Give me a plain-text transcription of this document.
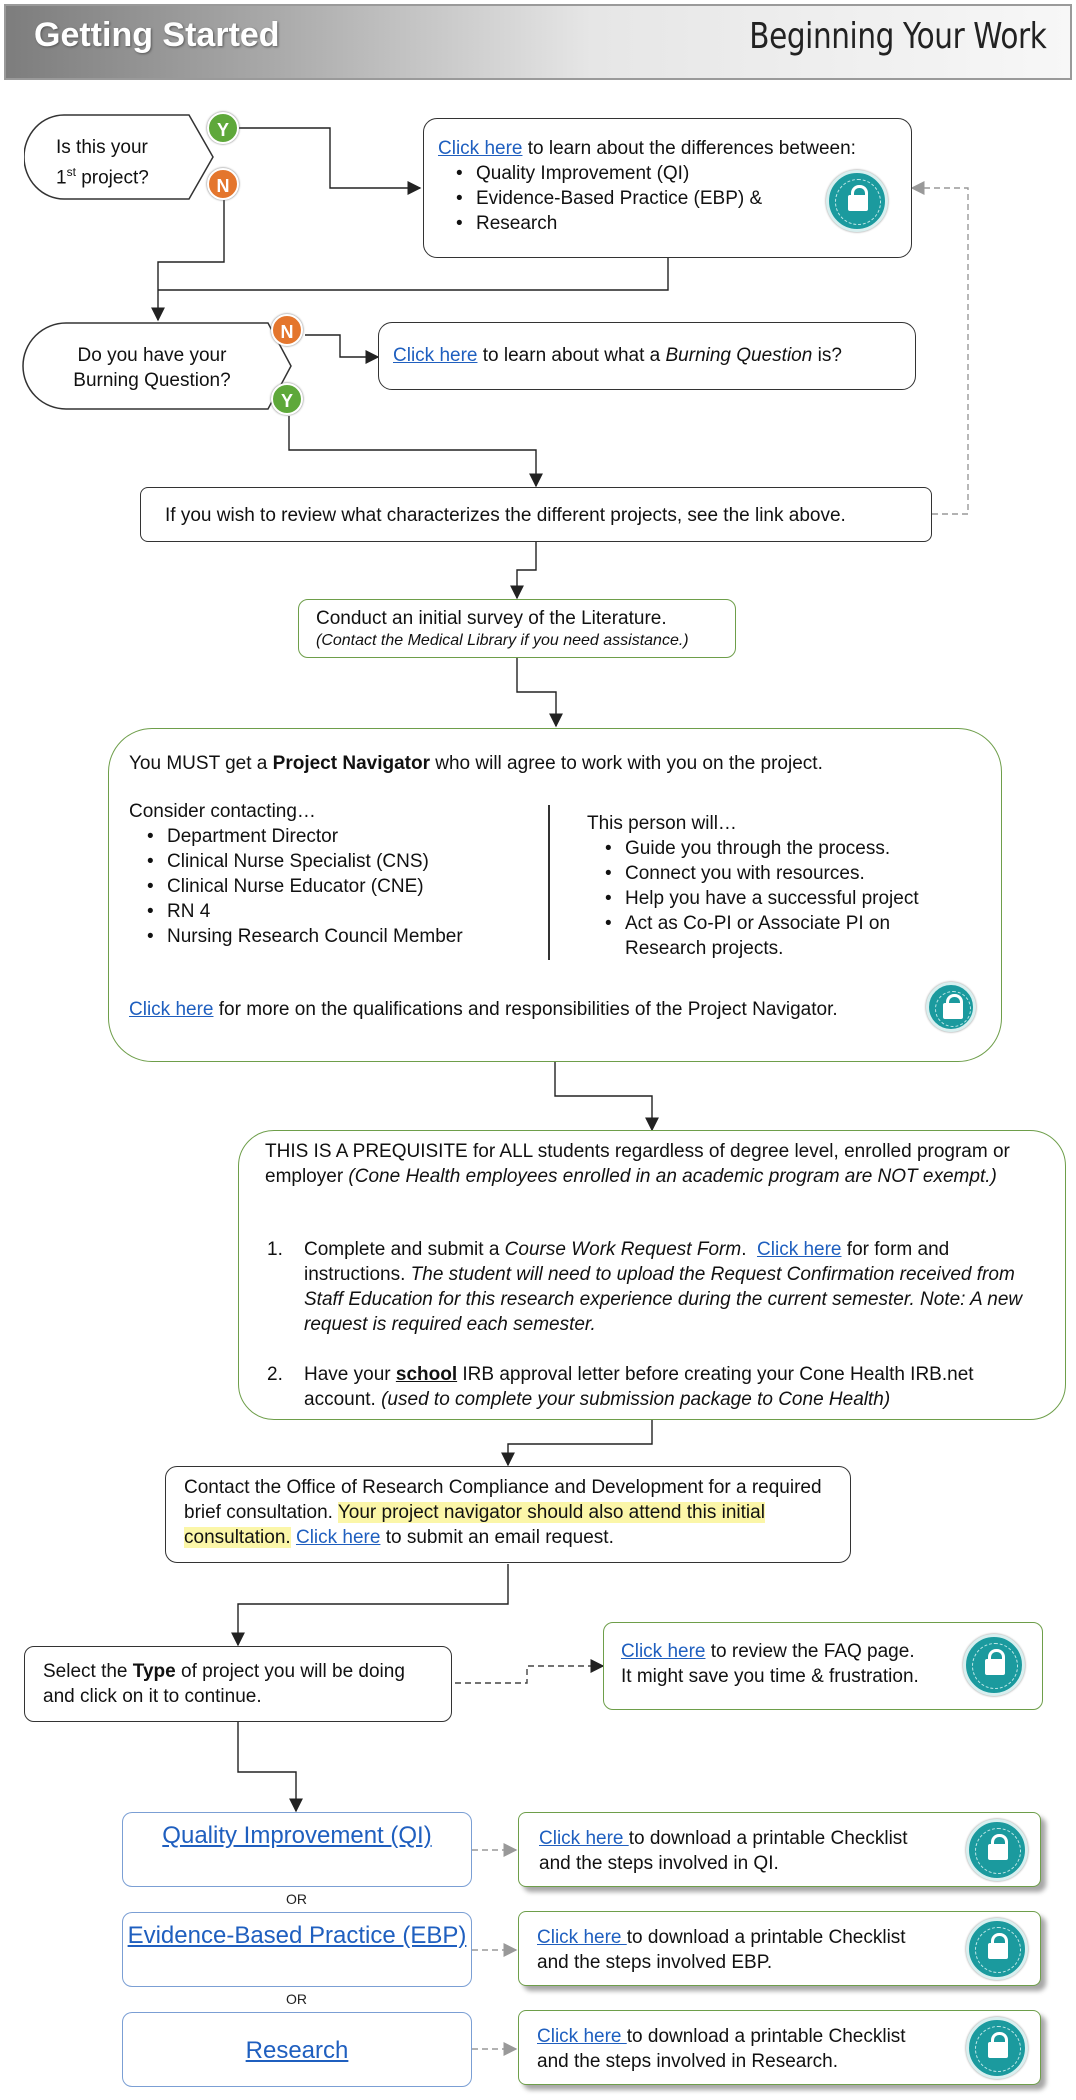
Getting Started	Beginning Your Work
Is this your
1st project?
Y
N
Click here to learn about the differences between:
• Quality Improvement (QI)
• Evidence-Based Practice (EBP) &
• Research
Do you have your
Burning Question?
N
Y
Click here to learn about what a Burning Question is?
If you wish to review what characterizes the different projects, see the link above.
Conduct an initial survey of the Literature.
(Contact the Medical Library if you need assistance.)
You MUST get a Project Navigator who will agree to work with you on the project.
Consider contacting…
• Department Director
• Clinical Nurse Specialist (CNS)
• Clinical Nurse Educator (CNE)
• RN 4
• Nursing Research Council Member
This person will…
• Guide you through the process.
• Connect you with resources.
• Help you have a successful project
• Act as Co-PI or Associate PI on Research projects.
Click here for more on the qualifications and responsibilities of the Project Navigator.
THIS IS A PREQUISITE for ALL students regardless of degree level, enrolled program or employer (Cone Health employees enrolled in an academic program are NOT exempt.)
1. Complete and submit a Course Work Request Form.  Click here for form and instructions. The student will need to upload the Request Confirmation received from Staff Education for this research experience during the current semester. Note: A new request is required each semester.
2. Have your school IRB approval letter before creating your Cone Health IRB.net account. (used to complete your submission package to Cone Health)
Contact the Office of Research Compliance and Development for a required brief consultation. Your project navigator should also attend this initial consultation. Click here to submit an email request.
Select the Type of project you will be doing and click on it to continue.
Click here to review the FAQ page.
It might save you time & frustration.
Quality Improvement (QI)
OR
Evidence-Based Practice (EBP)
OR
Research
Click here to download a printable Checklist
and the steps involved in QI.
Click here to download a printable Checklist
and the steps involved EBP.
Click here to download a printable Checklist
and the steps involved in Research.
